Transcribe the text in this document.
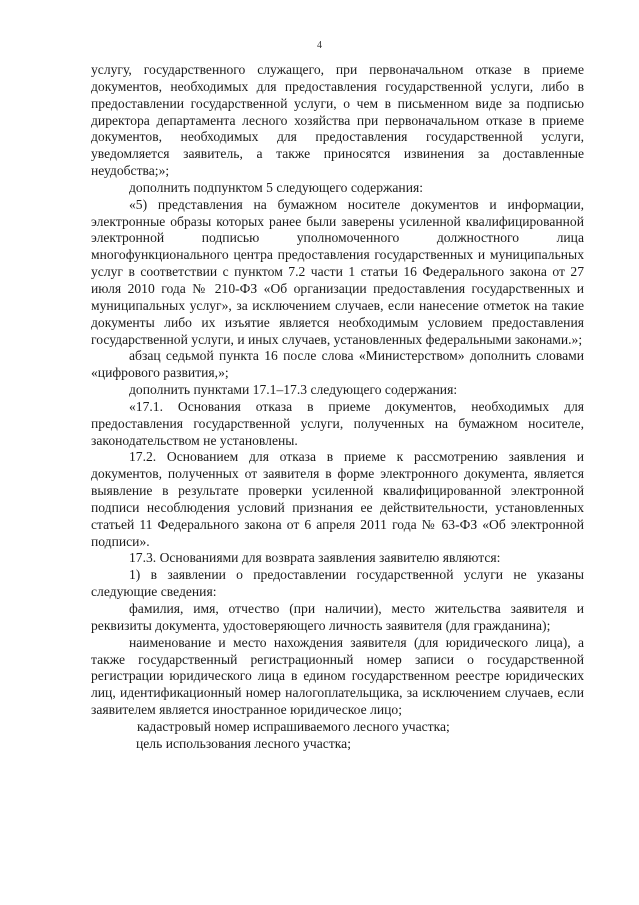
4

услугу, государственного служащего, при первоначальном отказе в приеме документов, необходимых для предоставления государственной услуги, либо в предоставлении государственной услуги, о чем в письменном виде за подписью директора департамента лесного хозяйства при первоначальном отказе в приеме документов, необходимых для предоставления государственной услуги, уведомляется заявитель, а также приносятся извинения за доставленные неудобства;»;

дополнить подпунктом 5 следующего содержания:

«5) представления на бумажном носителе документов и информации, электронные образы которых ранее были заверены усиленной квалифицированной электронной подписью уполномоченного должностного лица многофункционального центра предоставления государственных и муниципальных услуг в соответствии с пунктом 7.2 части 1 статьи 16 Федерального закона от 27 июля 2010 года № 210-ФЗ «Об организации предоставления государственных и муниципальных услуг», за исключением случаев, если нанесение отметок на такие документы либо их изъятие является необходимым условием предоставления государственной услуги, и иных случаев, установленных федеральными законами.»;

абзац седьмой пункта 16 после слова «Министерством» дополнить словами «цифрового развития,»;

дополнить пунктами 17.1–17.3 следующего содержания:

«17.1. Основания отказа в приеме документов, необходимых для предоставления государственной услуги, полученных на бумажном носителе, законодательством не установлены.

17.2. Основанием для отказа в приеме к рассмотрению заявления и документов, полученных от заявителя в форме электронного документа, является выявление в результате проверки усиленной квалифицированной электронной подписи несоблюдения условий признания ее действительности, установленных статьей 11 Федерального закона от 6 апреля 2011 года № 63-ФЗ «Об электронной подписи».

17.3. Основаниями для возврата заявления заявителю являются:

1) в заявлении о предоставлении государственной услуги не указаны следующие сведения:

фамилия, имя, отчество (при наличии), место жительства заявителя и реквизиты документа, удостоверяющего личность заявителя (для гражданина);

наименование и место нахождения заявителя (для юридического лица), а также государственный регистрационный номер записи о государственной регистрации юридического лица в едином государственном реестре юридических лиц, идентификационный номер налогоплательщика, за исключением случаев, если заявителем является иностранное юридическое лицо;

кадастровый номер испрашиваемого лесного участка;

цель использования лесного участка;
